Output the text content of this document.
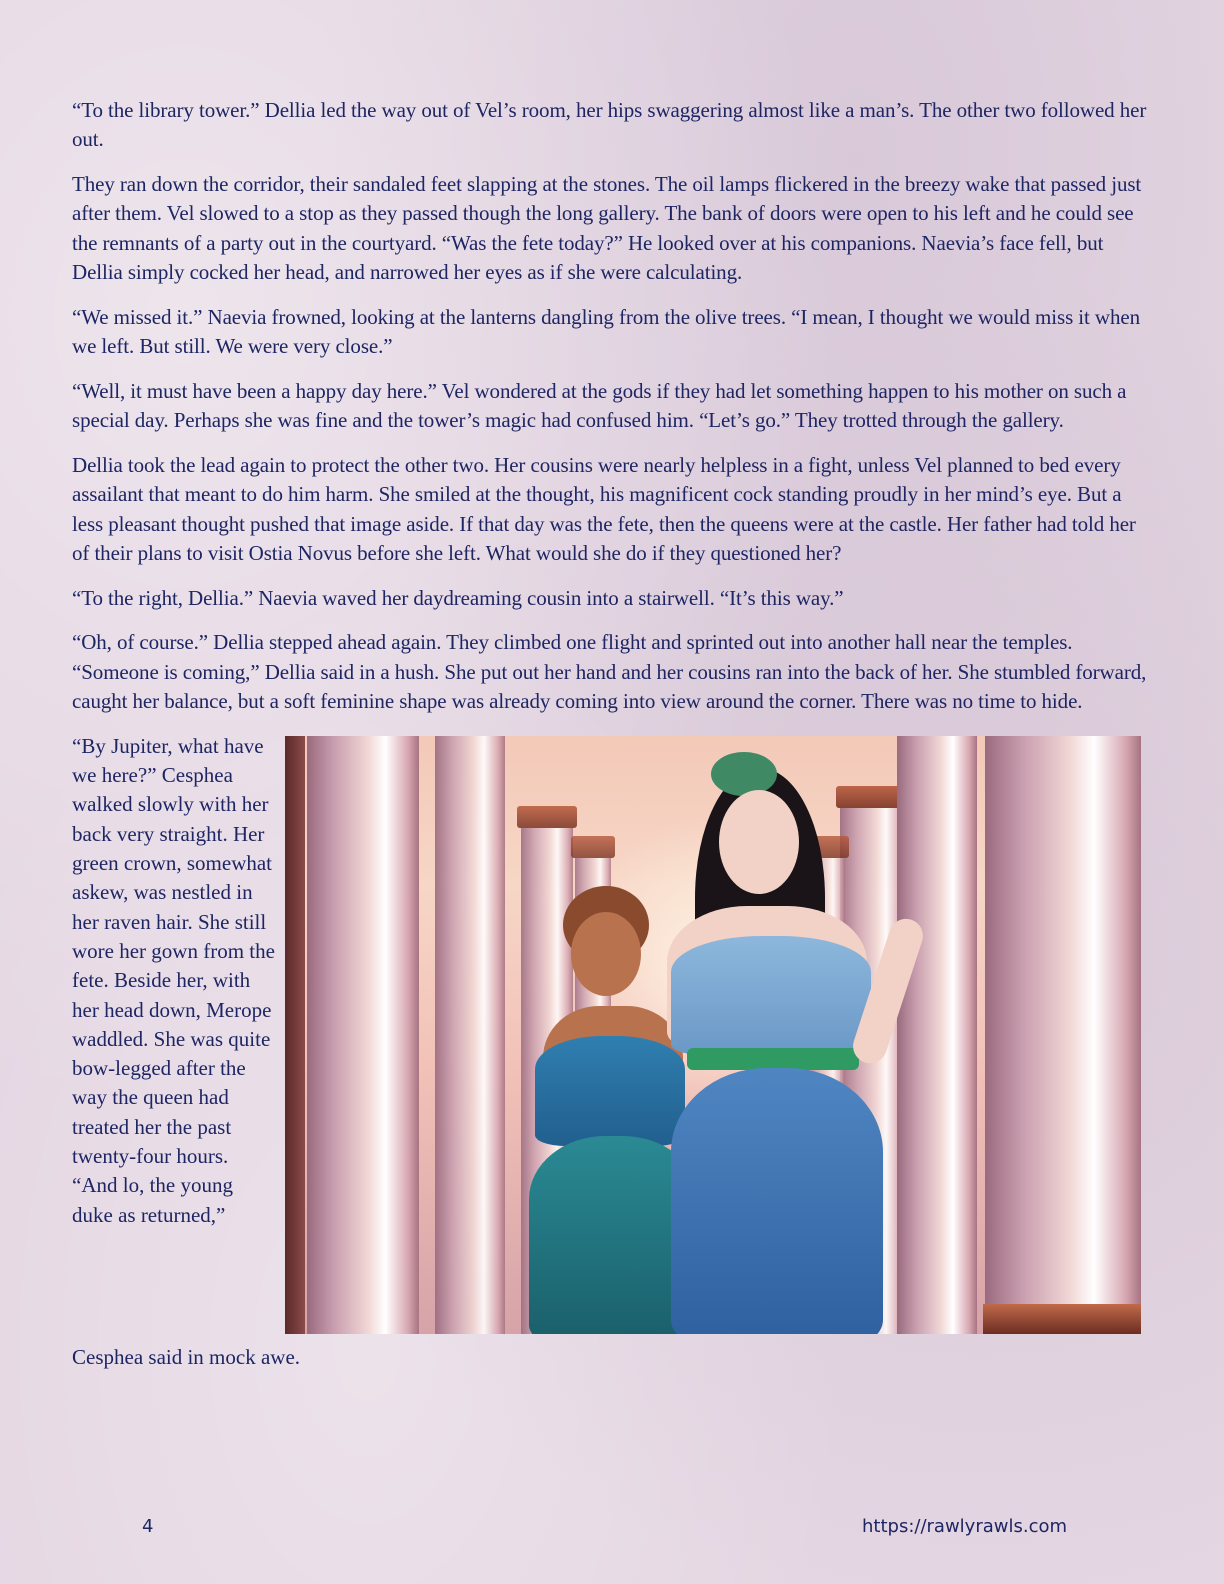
“To the library tower.” Dellia led the way out of Vel’s room, her hips swaggering almost like a man’s. The other two followed her out.

They ran down the corridor, their sandaled feet slapping at the stones. The oil lamps flickered in the breezy wake that passed just after them. Vel slowed to a stop as they passed though the long gallery. The bank of doors were open to his left and he could see the remnants of a party out in the courtyard. “Was the fete today?” He looked over at his companions. Naevia’s face fell, but Dellia simply cocked her head, and narrowed her eyes as if she were calculating.

“We missed it.” Naevia frowned, looking at the lanterns dangling from the olive trees. “I mean, I thought we would miss it when we left. But still. We were very close.”

“Well, it must have been a happy day here.” Vel wondered at the gods if they had let something happen to his mother on such a special day. Perhaps she was fine and the tower’s magic had confused him. “Let’s go.” They trotted through the gallery.

Dellia took the lead again to protect the other two. Her cousins were nearly helpless in a fight, unless Vel planned to bed every assailant that meant to do him harm. She smiled at the thought, his magnificent cock standing proudly in her mind’s eye. But a less pleasant thought pushed that image aside. If that day was the fete, then the queens were at the castle. Her father had told her of their plans to visit Ostia Novus before she left. What would she do if they questioned her?

“To the right, Dellia.” Naevia waved her daydreaming cousin into a stairwell. “It’s this way.”

“Oh, of course.” Dellia stepped ahead again. They climbed one flight and sprinted out into another hall near the temples. “Someone is coming,” Dellia said in a hush. She put out her hand and her cousins ran into the back of her. She stumbled forward, caught her balance, but a soft feminine shape was already coming into view around the corner. There was no time to hide.

“By Jupiter, what have we here?” Cesphea walked slowly with her back very straight. Her green crown, somewhat askew, was nestled in her raven hair. She still wore her gown from the fete. Beside her, with her head down, Merope waddled. She was quite bow-legged after the way the queen had treated her the past twenty-four hours. “And lo, the young duke as returned,”
Cesphea said in mock awe.
4	https://rawlyrawls.com
